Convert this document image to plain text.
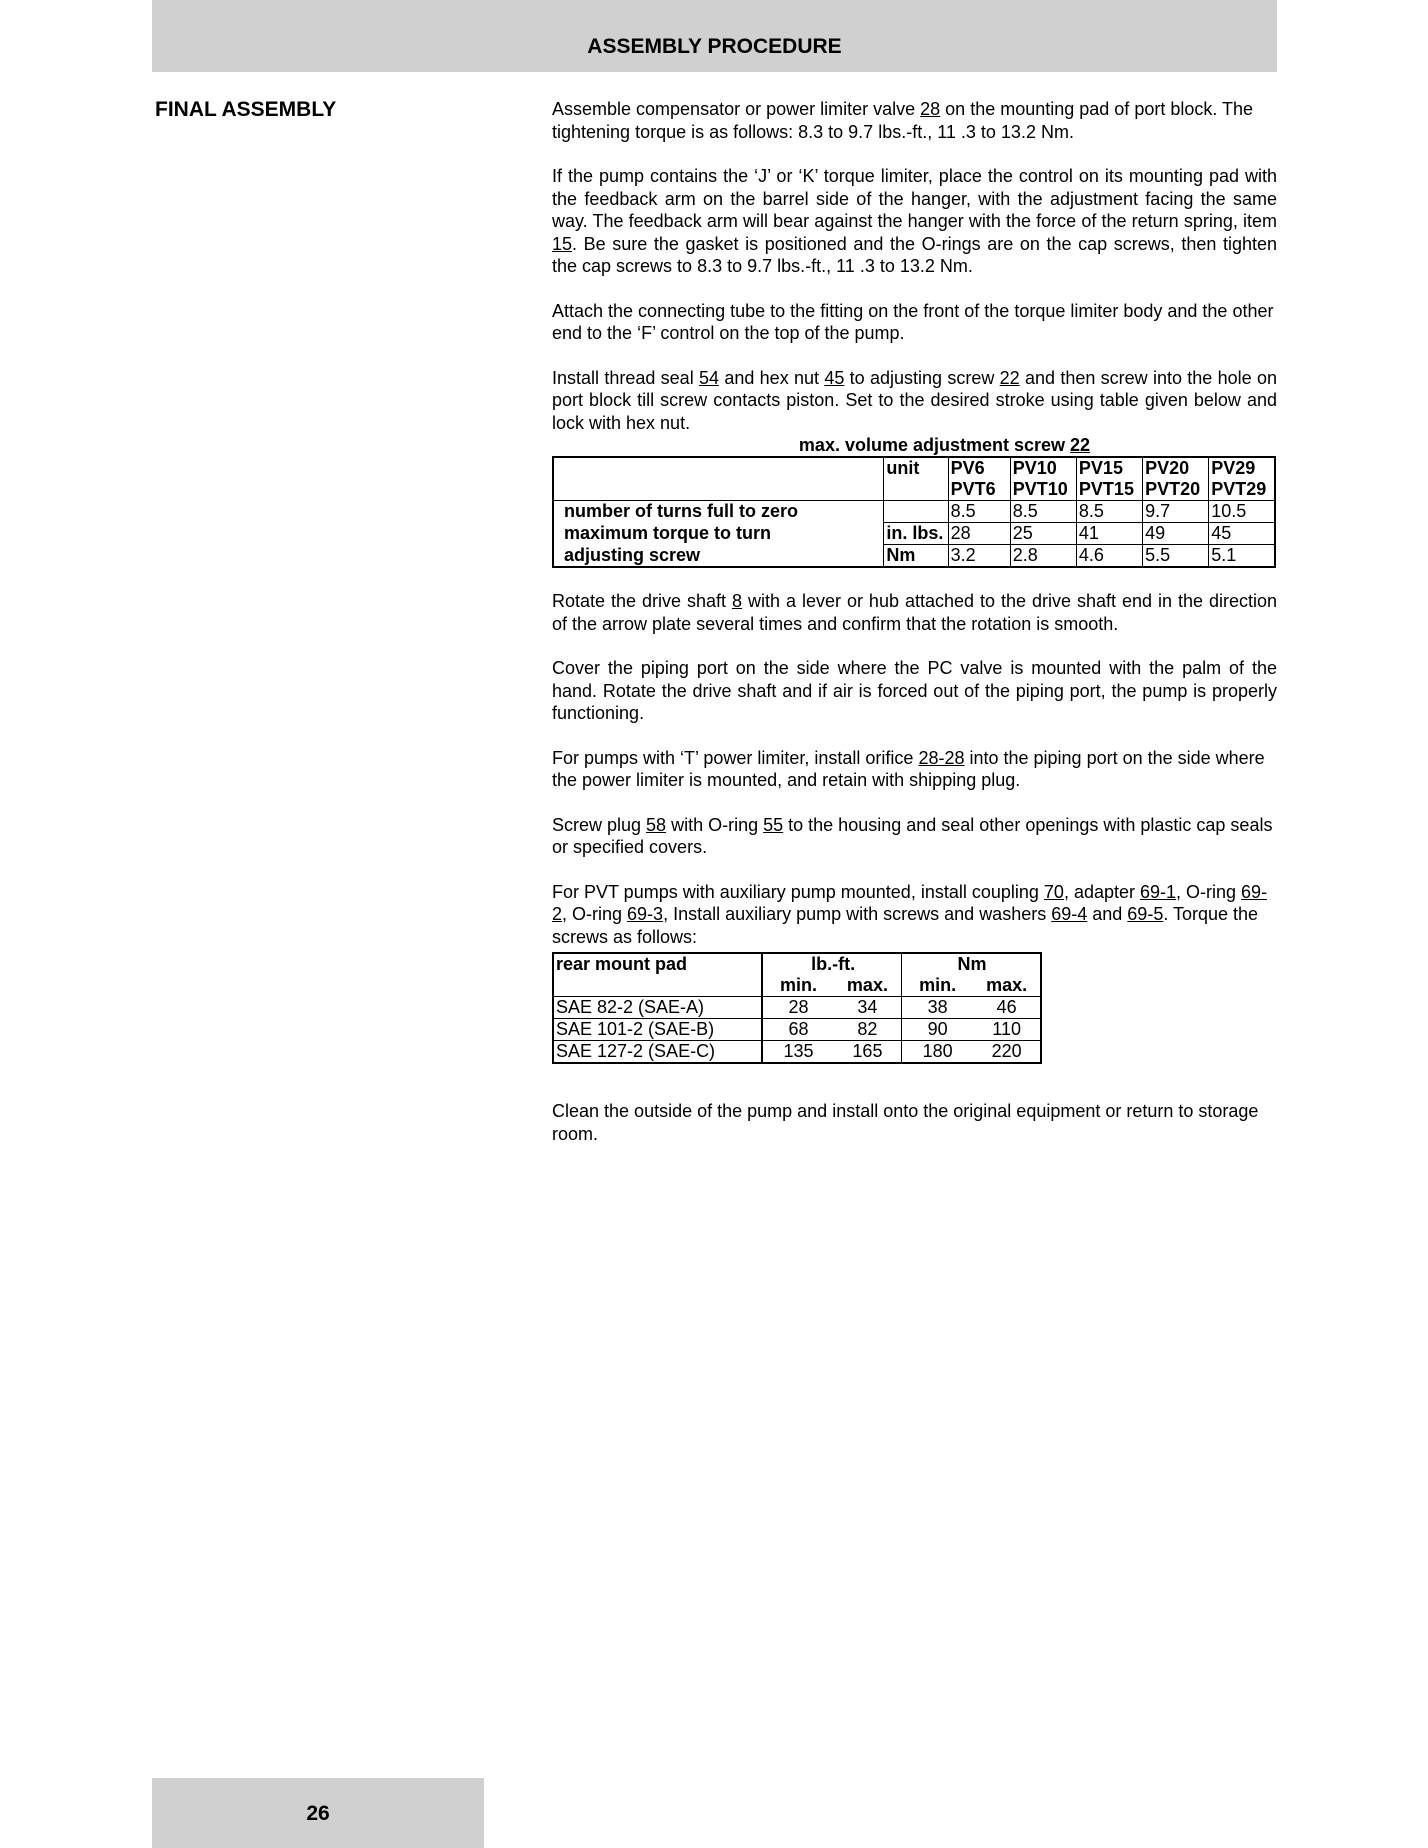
ASSEMBLY PROCEDURE
FINAL ASSEMBLY	Assemble compensator or power limiter valve 28 on the mounting pad of port block. The tightening torque is as follows: 8.3 to 9.7 lbs.-ft., 11 .3 to 13.2 Nm.

If the pump contains the ‘J’ or ‘K’ torque limiter, place the control on its mounting pad with the feedback arm on the barrel side of the hanger, with the adjustment facing the same way. The feedback arm will bear against the hanger with the force of the return spring, item 15. Be sure the gasket is positioned and the O-rings are on the cap screws, then tighten the cap screws to 8.3 to 9.7 lbs.-ft., 11 .3 to 13.2 Nm.

Attach the connecting tube to the fitting on the front of the torque limiter body and the other end to the ‘F’ control on the top of the pump.

Install thread seal 54 and hex nut 45 to adjusting screw 22 and then screw into the hole on port block till screw contacts piston. Set to the desired stroke using table given below and lock with hex nut.

max. volume adjustment screw 22
	unit	PV6	PV10	PV15	PV20	PV29
		PVT6	PVT10	PVT15	PVT20	PVT29
number of turns full to zero		8.5	8.5	8.5	9.7	10.5
maximum torque to turn	in. lbs.	28	25	41	49	45
adjusting screw	Nm	3.2	2.8	4.6	5.5	5.1

Rotate the drive shaft 8 with a lever or hub attached to the drive shaft end in the direction of the arrow plate several times and confirm that the rotation is smooth.

Cover the piping port on the side where the PC valve is mounted with the palm of the hand. Rotate the drive shaft and if air is forced out of the piping port, the pump is properly functioning.

For pumps with ‘T’ power limiter, install orifice 28-28 into the piping port on the side where the power limiter is mounted, and retain with shipping plug.

Screw plug 58 with O-ring 55 to the housing and seal other openings with plastic cap seals or specified covers.

For PVT pumps with auxiliary pump mounted, install coupling 70, adapter 69-1, O-ring 69-2, O-ring 69-3, Install auxiliary pump with screws and washers 69-4 and 69-5. Torque the screws as follows:

rear mount pad	lb.-ft.		Nm	
	min.	max.	min.	max.
SAE 82-2 (SAE-A)	28	34	38	46
SAE 101-2 (SAE-B)	68	82	90	110
SAE 127-2 (SAE-C)	135	165	180	220

Clean the outside of the pump and install onto the original equipment or return to storage room.

26
